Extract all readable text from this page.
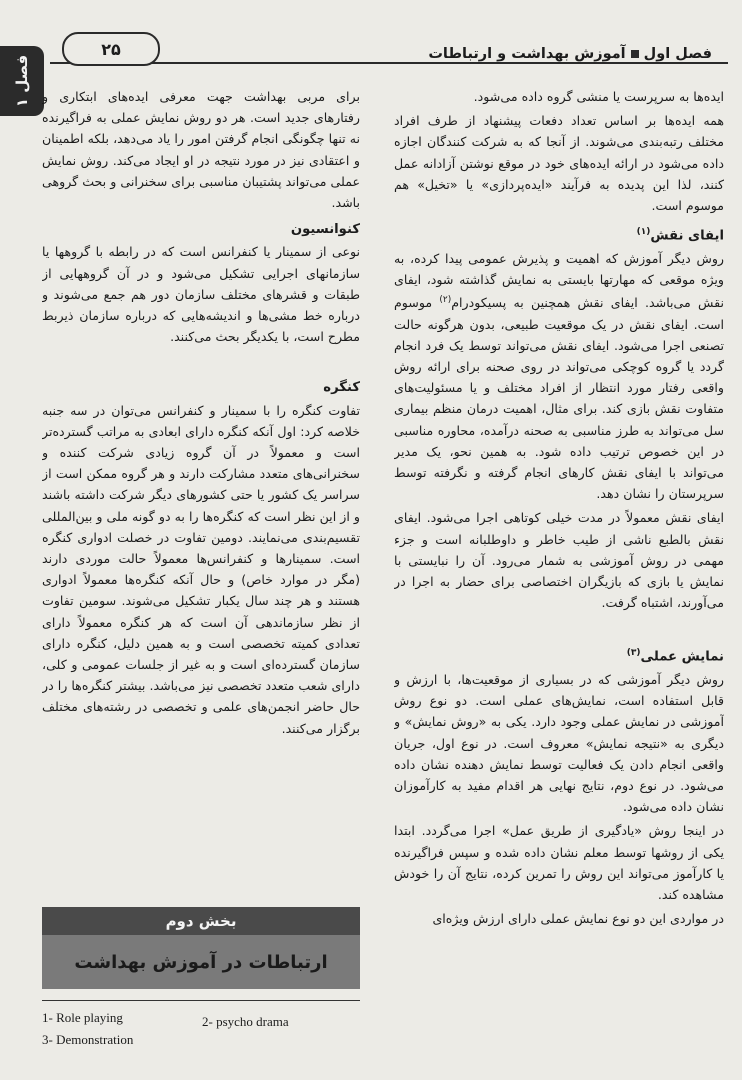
فصل ۱
۲۵	فصل اولآموزش بهداشت و ارتباطات

ایده‌ها به سرپرست یا منشی گروه داده می‌شود.

همه ایده‌ها بر اساس تعداد دفعات پیشنهاد از طرف افراد مختلف رتبه‌بندی می‌شوند. از آنجا که به شرکت کنندگان اجازه داده می‌شود در ارائه ایده‌های خود در موقع نوشتن آزادانه عمل کنند، لذا این پدیده به فرآیند «ایده‌پردازی» یا «تخیل» هم موسوم است.

ایفای نقش$^{(۱)}$

روش دیگر آموزش که اهمیت و پذیرش عمومی پیدا کرده، به ویژه موقعی که مهارتها بایستی به نمایش گذاشته شود، ایفای نقش می‌باشد. ایفای نقش همچنین به پسیکودرام$^{(۲)}$ موسوم است. ایفای نقش در یک موقعیت طبیعی، بدون هرگونه حالت تصنعی اجرا می‌شود. ایفای نقش می‌تواند توسط یک فرد انجام گردد یا گروه کوچکی می‌تواند در روی صحنه برای ارائه روش واقعی رفتار مورد انتظار از افراد مختلف و یا مسئولیت‌های متفاوت نقش بازی کند. برای مثال، اهمیت درمان منظم بیماری سل می‌تواند به طرز مناسبی به صحنه درآمده، محاوره مناسبی در این خصوص ترتیب داده شود. به همین نحو، یک مدیر می‌تواند با ایفای نقش کارهای انجام گرفته و نگرفته توسط سرپرستان را نشان دهد.

ایفای نقش معمولاً در مدت خیلی کوتاهی اجرا می‌شود. ایفای نقش بالطبع ناشی از طیب خاطر و داوطلبانه است و جزء مهمی در روش آموزشی به شمار می‌رود. آن را نبایستی با نمایش یا بازی که بازیگران اختصاصی برای حضار به اجرا در می‌آورند، اشتباه گرفت.

نمایش عملی$^{(۳)}$

روش دیگر آموزشی که در بسیاری از موقعیت‌ها، با ارزش و قابل استفاده است، نمایش‌های عملی است. دو نوع روش آموزشی در نمایش عملی وجود دارد. یکی به «روش نمایش» و دیگری به «نتیجه نمایش» معروف است. در نوع اول، جریان واقعی انجام دادن یک فعالیت توسط نمایش دهنده نشان داده می‌شود. در نوع دوم، نتایج نهایی هر اقدام مفید به کارآموزان نشان داده می‌شود.

در اینجا روش «یادگیری از طریق عمل» اجرا می‌گردد. ابتدا یکی از روشها توسط معلم نشان داده شده و سپس فراگیرنده یا کارآموز می‌تواند این روش را تمرین کرده، نتایج آن را خودش مشاهده کند.

در مواردی این دو نوع نمایش عملی دارای ارزش ویژه‌ای

برای مربی بهداشت جهت معرفی ایده‌های ابتکاری و رفتارهای جدید است. هر دو روش نمایش عملی به فراگیرنده نه تنها چگونگی انجام گرفتن امور را یاد می‌دهد، بلکه اطمینان و اعتقادی نیز در مورد نتیجه در او ایجاد می‌کند. روش نمایش عملی می‌تواند پشتیبان مناسبی برای سخنرانی و بحث گروهی باشد.

کنوانسیون

نوعی از سمینار یا کنفرانس است که در رابطه با گروهها یا سازمانهای اجرایی تشکیل می‌شود و در آن گروههایی از طبقات و قشرهای مختلف سازمان دور هم جمع می‌شوند و درباره خط مشی‌ها و اندیشه‌هایی که درباره سازمان ذیربط مطرح است، با یکدیگر بحث می‌کنند.

کنگره

تفاوت کنگره را با سمینار و کنفرانس می‌توان در سه جنبه خلاصه کرد: اول آنکه کنگره دارای ابعادی به مراتب گسترده‌تر است و معمولاً در آن گروه زیادی شرکت کننده و سخنرانی‌های متعدد مشارکت دارند و هر گروه ممکن است از سراسر یک کشور یا حتی کشورهای دیگر شرکت داشته باشند و از این نظر است که کنگره‌ها را به دو گونه ملی و بین‌المللی تقسیم‌بندی می‌نمایند. دومین تفاوت در خصلت ادواری کنگره است. سمینارها و کنفرانس‌ها معمولاً حالت موردی دارند (مگر در موارد خاص) و حال آنکه کنگره‌ها معمولاً ادواری هستند و هر چند سال یکبار تشکیل می‌شوند. سومین تفاوت از نظر سازماندهی آن است که هر کنگره معمولاً دارای تعدادی کمیته تخصصی است و به همین دلیل، کنگره دارای سازمان گسترده‌ای است و به غیر از جلسات عمومی و کلی، دارای شعب متعدد تخصصی نیز می‌باشد. بیشتر کنگره‌ها را در حال حاضر انجمن‌های علمی و تخصصی در رشته‌های مختلف برگزار می‌کنند.

بخش دوم
ارتباطات در آموزش بهداشت
1- Role playing	2- psycho drama
3- Demonstration
